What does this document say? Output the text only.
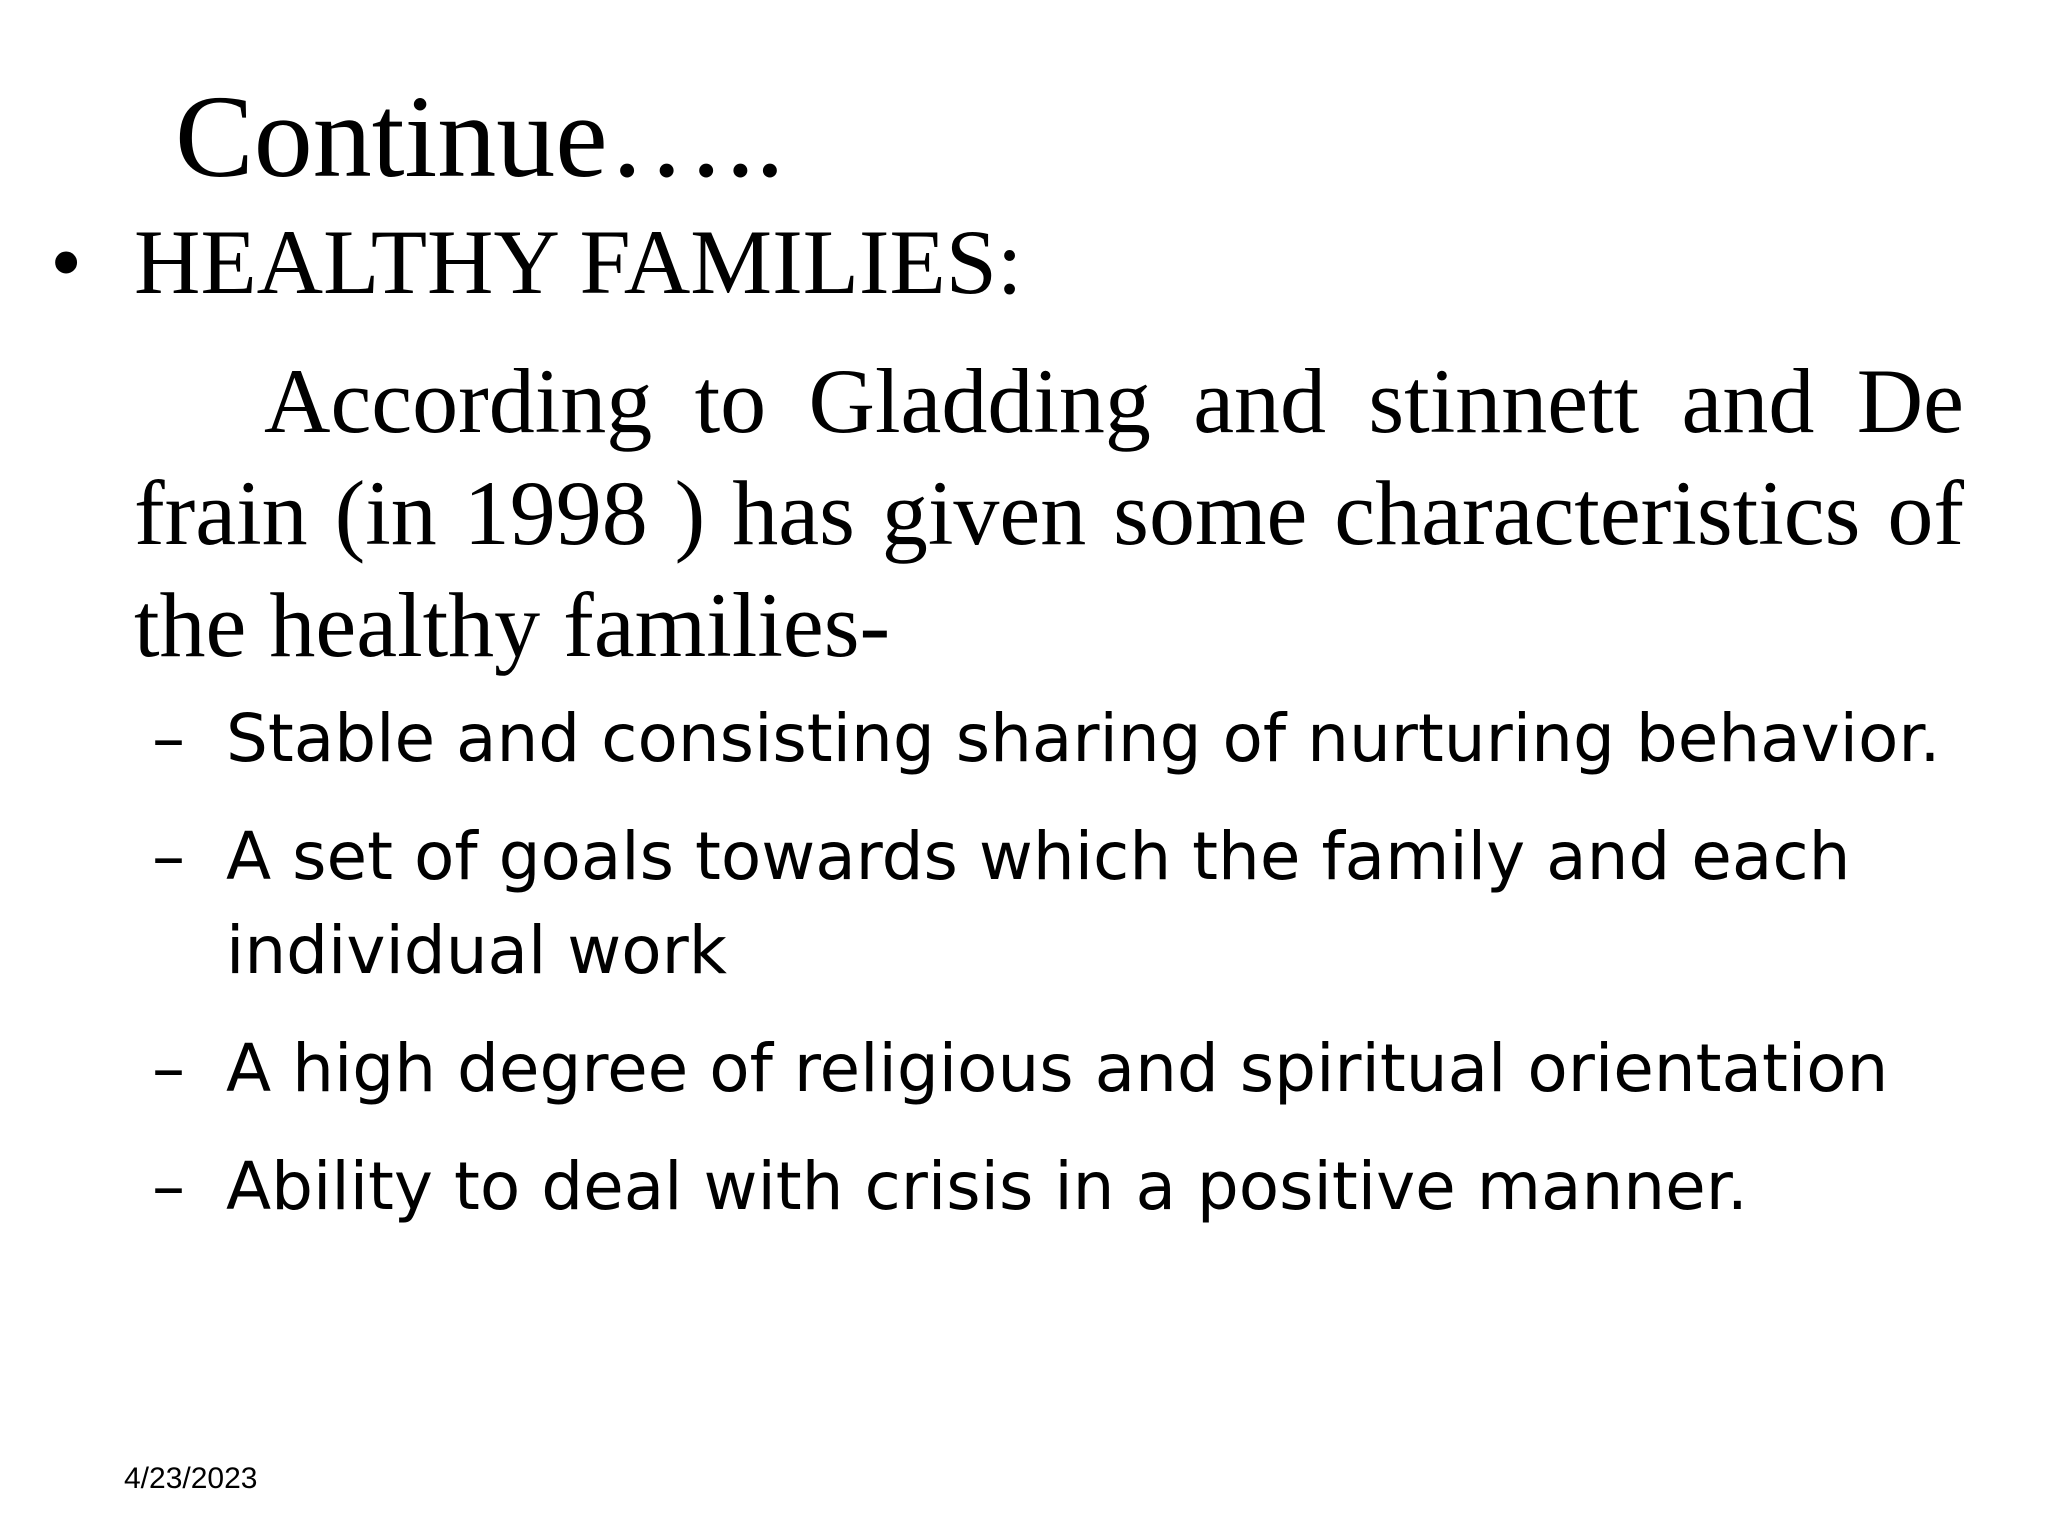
Continue…..
• HEALTHY FAMILIES:
According to Gladding and stinnett and De frain (in 1998 ) has given some characteristics of the healthy families-
– Stable and consisting sharing of nurturing behavior.
– A set of goals towards which the family and each individual work
– A high degree of religious and spiritual orientation
– Ability to deal with crisis in a positive manner.
4/23/2023
